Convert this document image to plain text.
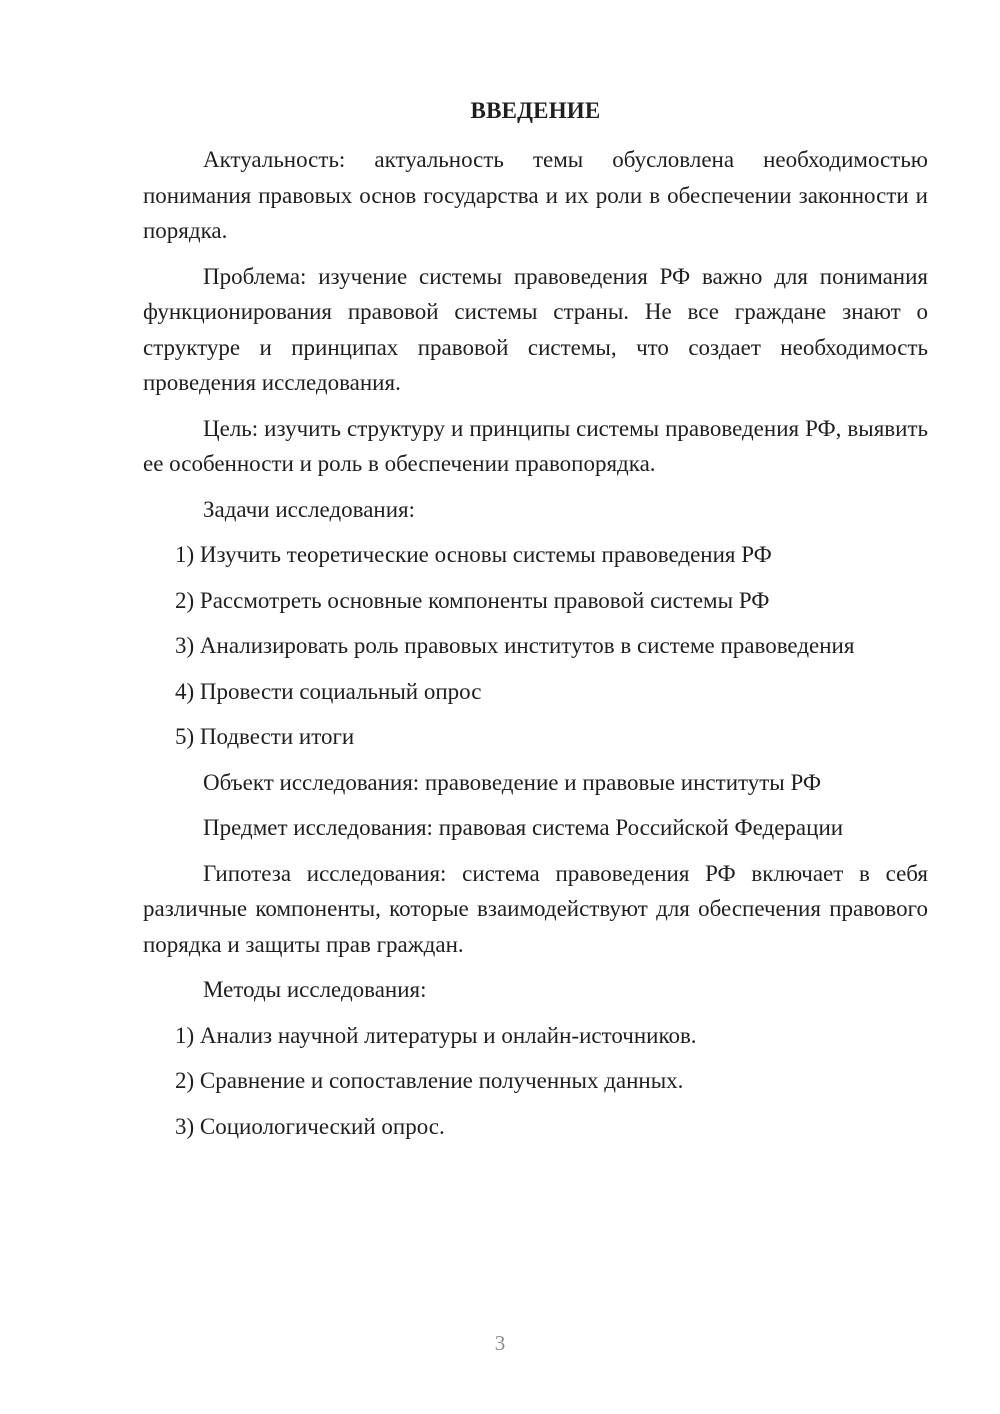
ВВЕДЕНИЕ

Актуальность: актуальность темы обусловлена необходимостью понимания правовых основ государства и их роли в обеспечении законности и порядка.

Проблема: изучение системы правоведения РФ важно для понимания функционирования правовой системы страны. Не все граждане знают о структуре и принципах правовой системы, что создает необходимость проведения исследования.

Цель: изучить структуру и принципы системы правоведения РФ, выявить ее особенности и роль в обеспечении правопорядка.

Задачи исследования:

1) Изучить теоретические основы системы правоведения РФ
2) Рассмотреть основные компоненты правовой системы РФ
3) Анализировать роль правовых институтов в системе правоведения
4) Провести социальный опрос
5) Подвести итоги

Объект исследования: правоведение и правовые институты РФ

Предмет исследования: правовая система Российской Федерации

Гипотеза исследования: система правоведения РФ включает в себя различные компоненты, которые взаимодействуют для обеспечения правового порядка и защиты прав граждан.

Методы исследования:

1) Анализ научной литературы и онлайн-источников.
2) Сравнение и сопоставление полученных данных.
3) Социологический опрос.
3
